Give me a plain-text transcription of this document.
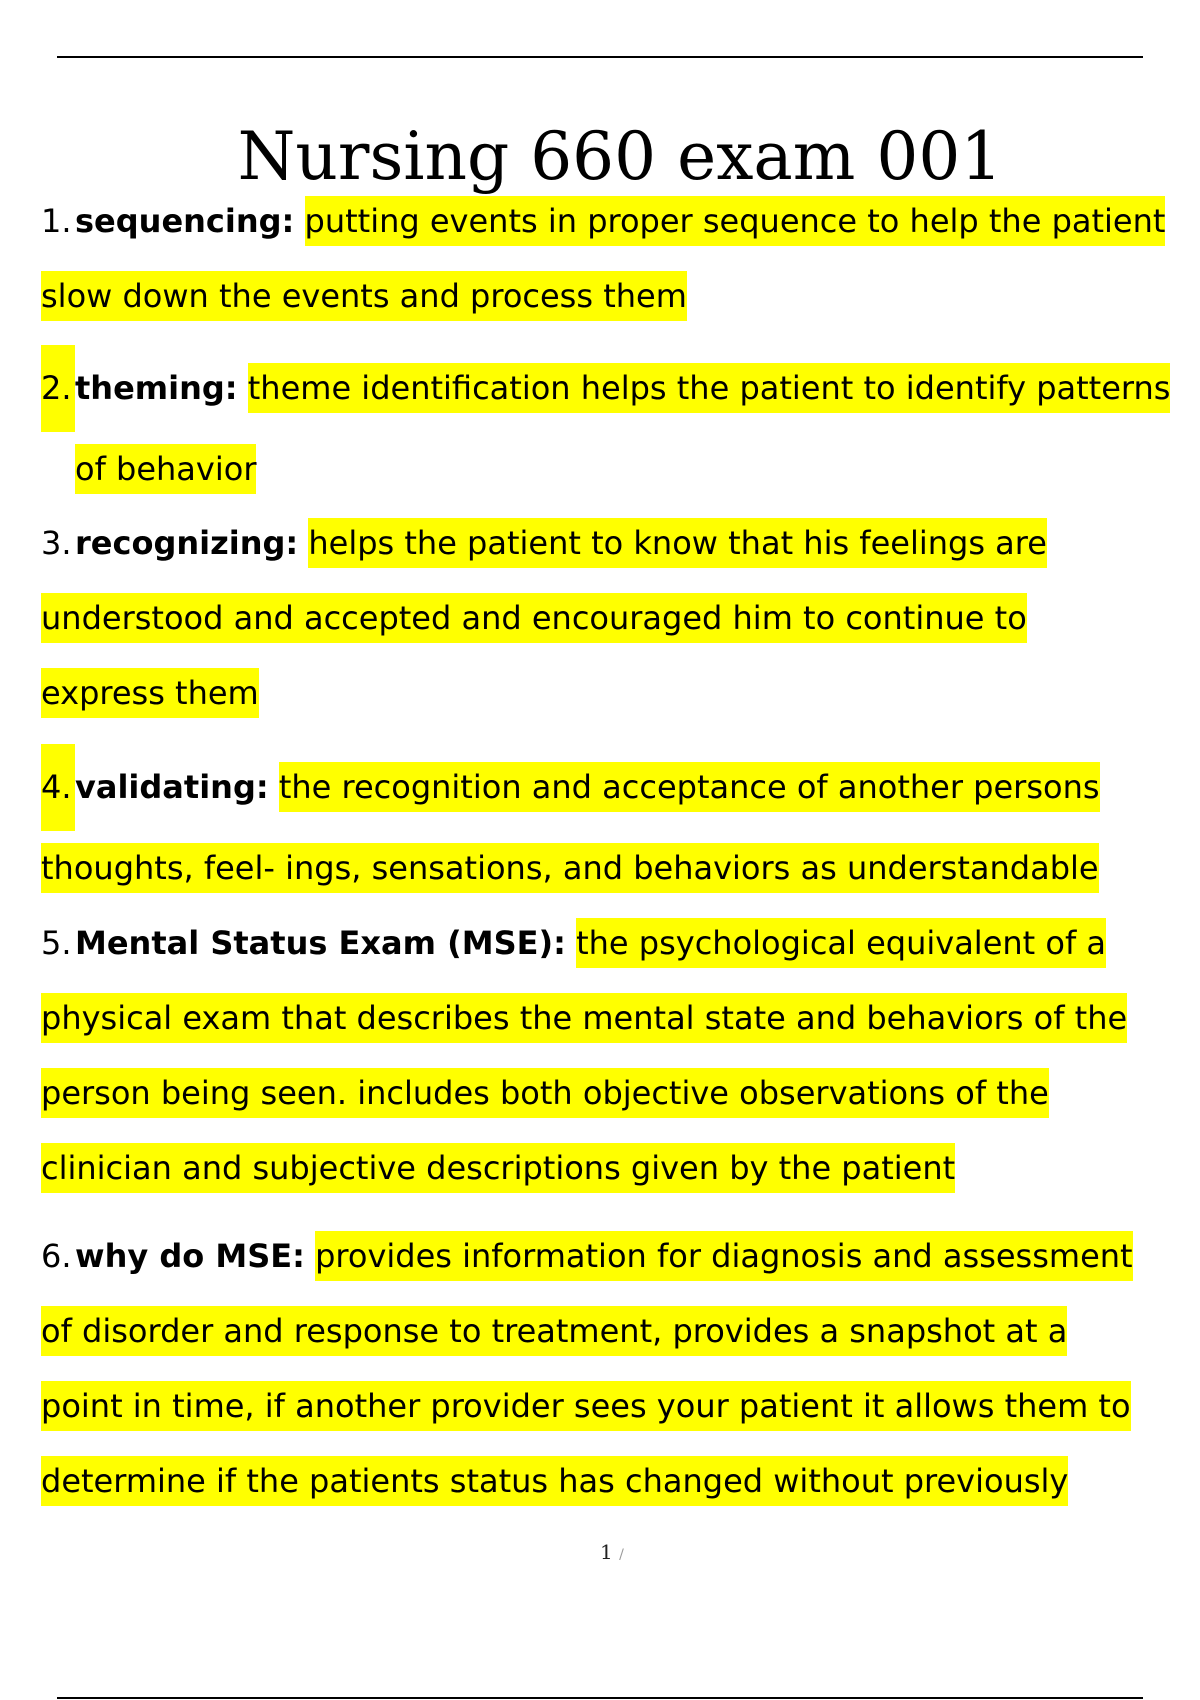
Nursing 660 exam 001
1. sequencing: putting events in proper sequence to help the patient
slow down the events and process them
2. theming: theme identification helps the patient to identify patterns
of behavior
3. recognizing: helps the patient to know that his feelings are
understood and accepted and encouraged him to continue to
express them
4. validating: the recognition and acceptance of another persons
thoughts, feel- ings, sensations, and behaviors as understandable
5. Mental Status Exam (MSE): the psychological equivalent of a
physical exam that describes the mental state and behaviors of the
person being seen. includes both objective observations of the
clinician and subjective descriptions given by the patient
6. why do MSE: provides information for diagnosis and assessment
of disorder and response to treatment, provides a snapshot at a
point in time, if another provider sees your patient it allows them to
determine if the patients status has changed without previously
1 /
